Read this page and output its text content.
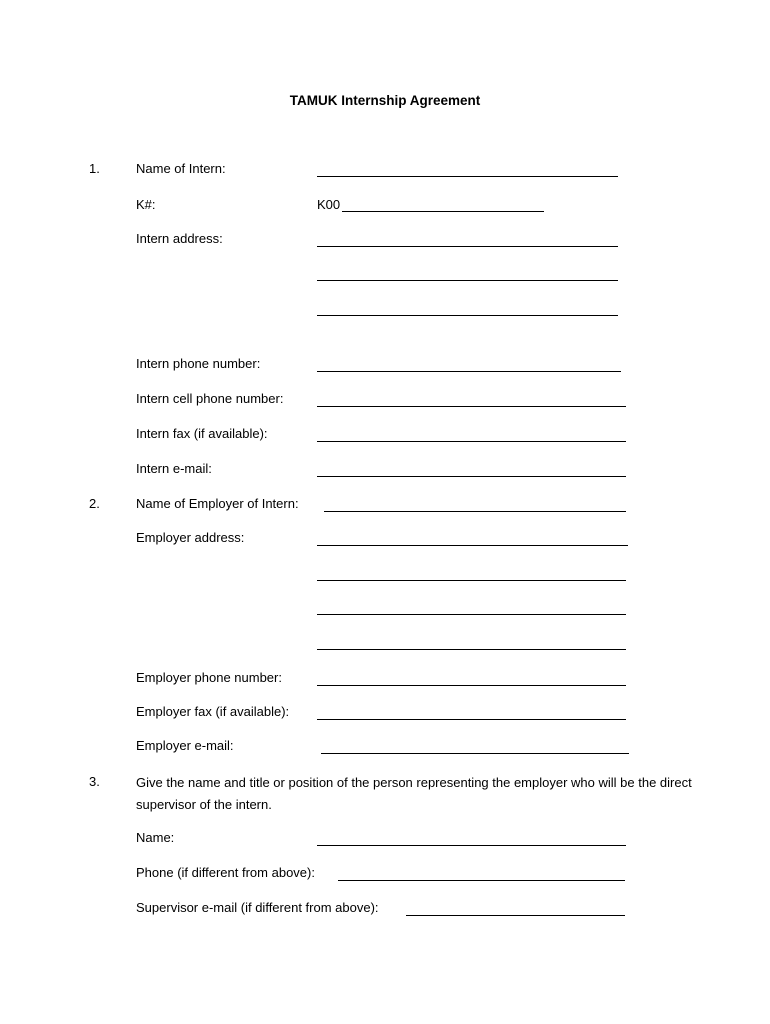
TAMUK Internship Agreement
1.	Name of Intern:
K#:	K00
Intern address:
Intern phone number:
Intern cell phone number:
Intern fax (if available):
Intern e-mail:
2.	Name of Employer of Intern:
Employer address:
Employer phone number:
Employer fax (if available):
Employer e-mail:
3.	Give the name and title or position of the person representing the employer who will be the direct supervisor of the intern.
Name:
Phone (if different from above):
Supervisor e-mail (if different from above):
